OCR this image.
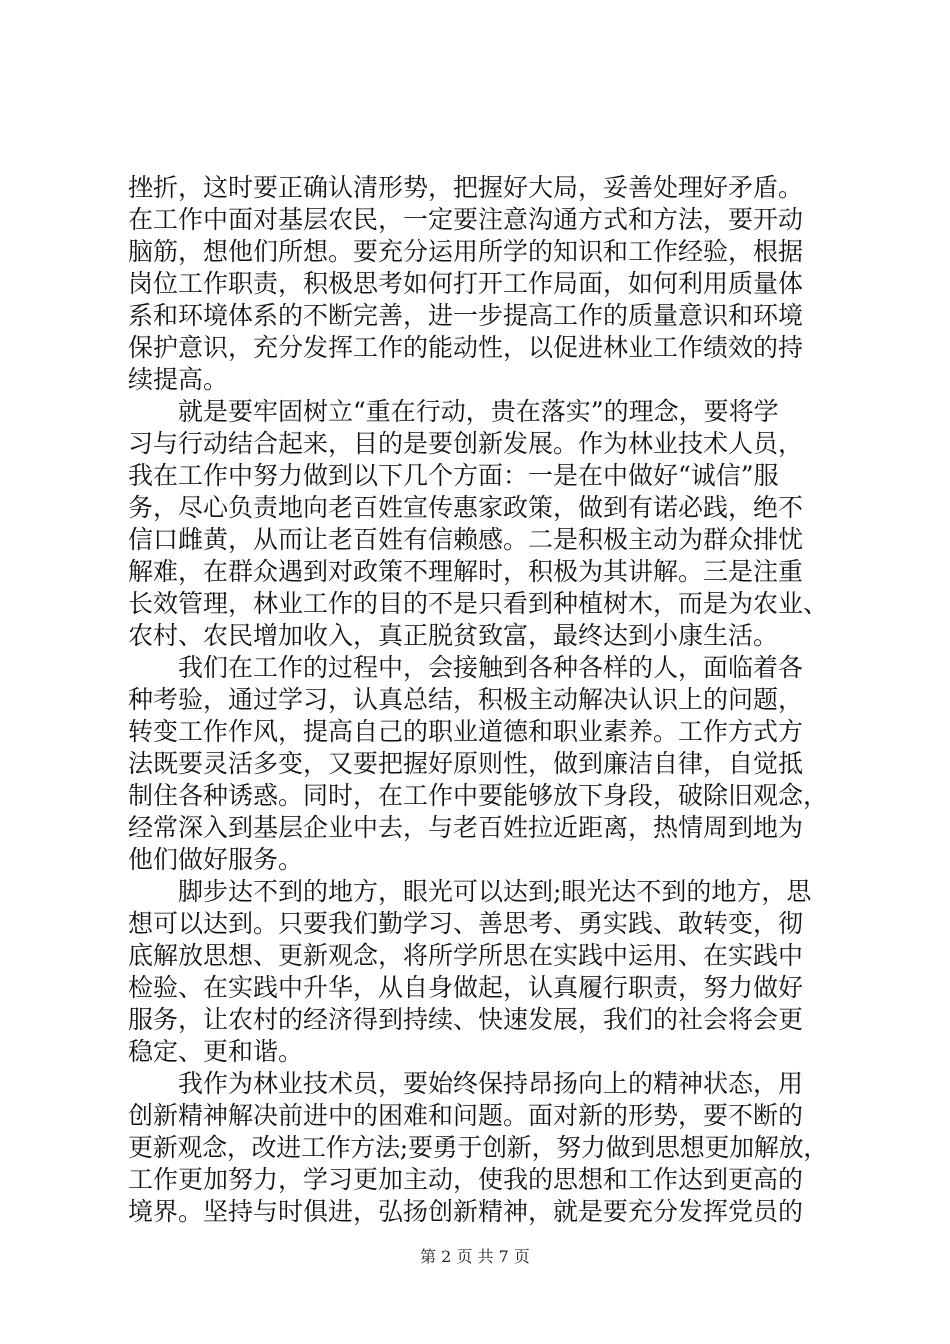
挫折，这时要正确认清形势，把握好大局，妥善处理好矛盾。
在工作中面对基层农民，一定要注意沟通方式和方法，要开动
脑筋，想他们所想。要充分运用所学的知识和工作经验，根据
岗位工作职责，积极思考如何打开工作局面，如何利用质量体
系和环境体系的不断完善，进一步提高工作的质量意识和环境
保护意识，充分发挥工作的能动性，以促进林业工作绩效的持
续提高。
　　就是要牢固树立“重在行动，贵在落实”的理念，要将学
习与行动结合起来，目的是要创新发展。作为林业技术人员，
我在工作中努力做到以下几个方面：一是在中做好“诚信”服
务，尽心负责地向老百姓宣传惠家政策，做到有诺必践，绝不
信口雌黄，从而让老百姓有信赖感。二是积极主动为群众排忧
解难，在群众遇到对政策不理解时，积极为其讲解。三是注重
长效管理，林业工作的目的不是只看到种植树木，而是为农业、
农村、农民增加收入，真正脱贫致富，最终达到小康生活。
　　我们在工作的过程中，会接触到各种各样的人，面临着各
种考验，通过学习，认真总结，积极主动解决认识上的问题，
转变工作作风，提高自己的职业道德和职业素养。工作方式方
法既要灵活多变，又要把握好原则性，做到廉洁自律，自觉抵
制住各种诱惑。同时，在工作中要能够放下身段，破除旧观念，
经常深入到基层企业中去，与老百姓拉近距离，热情周到地为
他们做好服务。
　　脚步达不到的地方，眼光可以达到;眼光达不到的地方，思
想可以达到。只要我们勤学习、善思考、勇实践、敢转变，彻
底解放思想、更新观念，将所学所思在实践中运用、在实践中
检验、在实践中升华，从自身做起，认真履行职责，努力做好
服务，让农村的经济得到持续、快速发展，我们的社会将会更
稳定、更和谐。
　　我作为林业技术员，要始终保持昂扬向上的精神状态，用
创新精神解决前进中的困难和问题。面对新的形势，要不断的
更新观念，改进工作方法;要勇于创新，努力做到思想更加解放，
工作更加努力，学习更加主动，使我的思想和工作达到更高的
境界。坚持与时俱进，弘扬创新精神，就是要充分发挥党员的
第 2 页 共 7 页
